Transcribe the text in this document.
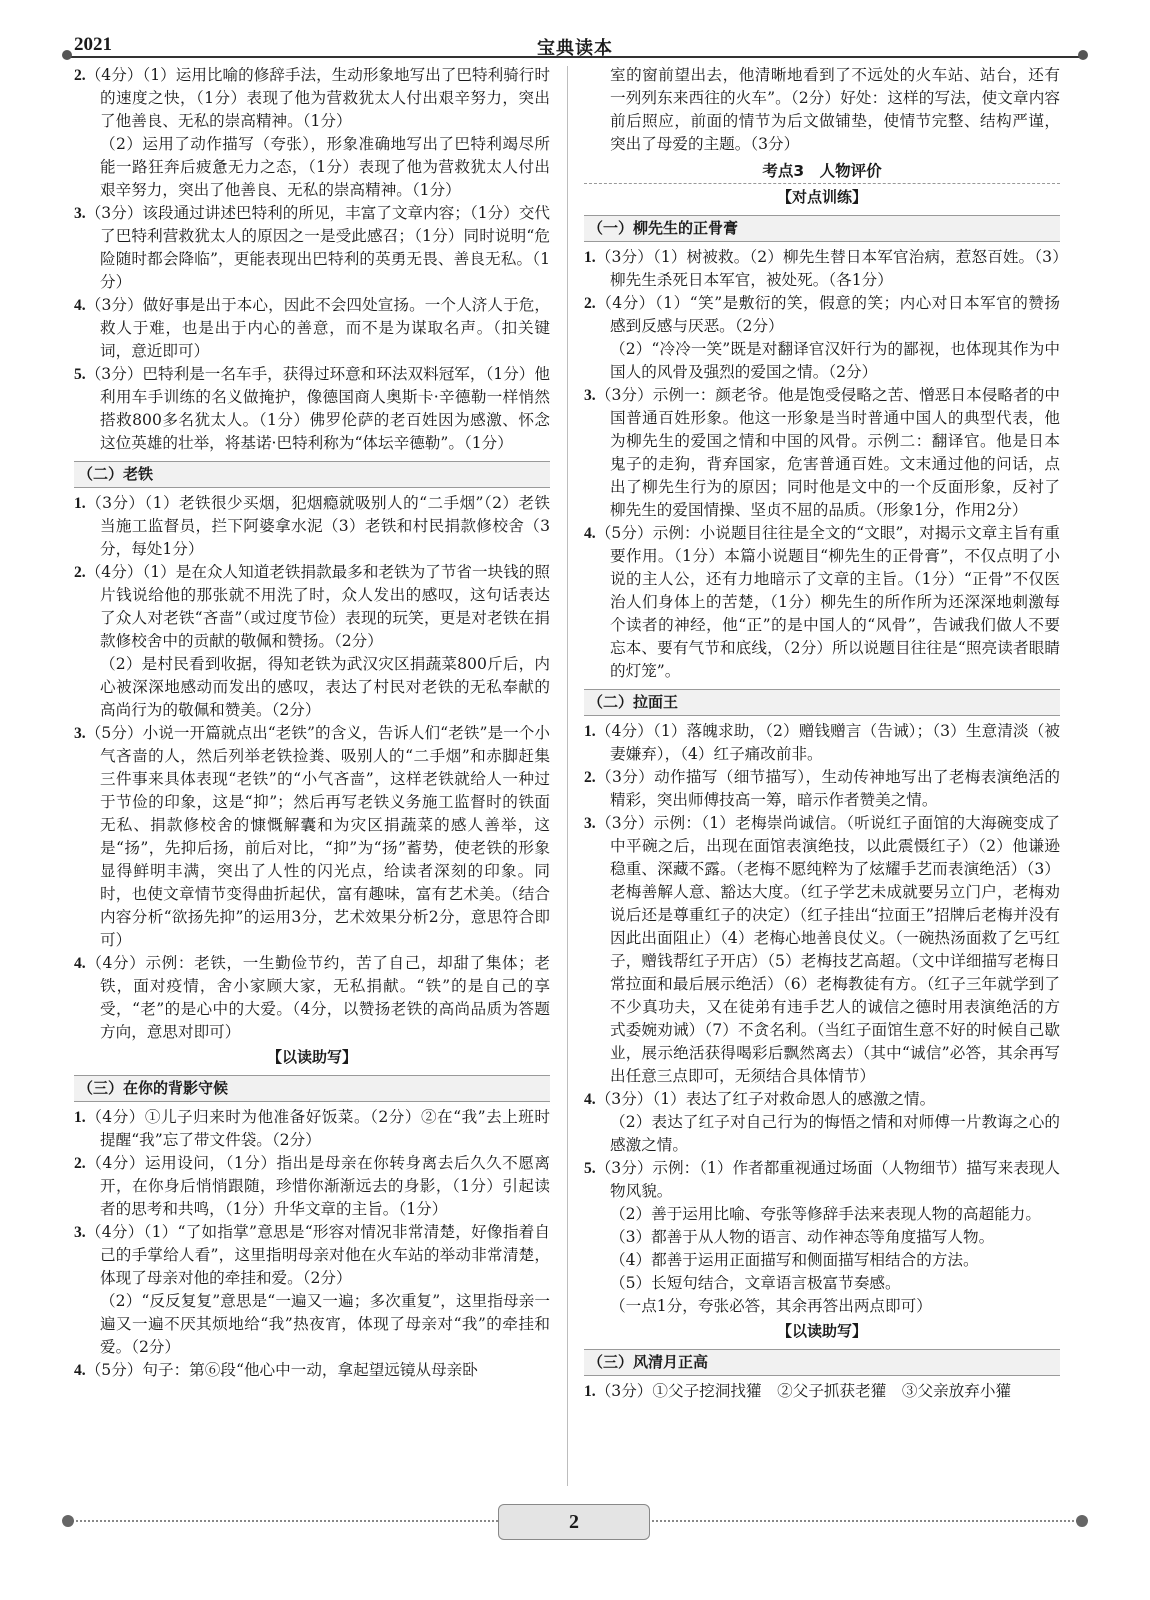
2021	宝典读本

2.（4分）（1）运用比喻的修辞手法，生动形象地写出了巴特利骑行时的速度之快，（1分）表现了他为营救犹太人付出艰辛努力，突出了他善良、无私的崇高精神。（1分）

（2）运用了动作描写（夸张），形象准确地写出了巴特利竭尽所能一路狂奔后疲惫无力之态，（1分）表现了他为营救犹太人付出艰辛努力，突出了他善良、无私的崇高精神。（1分）

3.（3分）该段通过讲述巴特利的所见，丰富了文章内容；（1分）交代了巴特利营救犹太人的原因之一是受此感召；（1分）同时说明“危险随时都会降临”，更能表现出巴特利的英勇无畏、善良无私。（1分）

4.（3分）做好事是出于本心，因此不会四处宣扬。一个人济人于危，救人于难，也是出于内心的善意，而不是为谋取名声。（扣关键词，意近即可）

5.（3分）巴特利是一名车手，获得过环意和环法双料冠军，（1分）他利用车手训练的名义做掩护，像德国商人奥斯卡·辛德勒一样悄然搭救800多名犹太人。（1分）佛罗伦萨的老百姓因为感激、怀念这位英雄的壮举，将基诺·巴特利称为“体坛辛德勒”。（1分）

（二）老铁

1.（3分）（1）老铁很少买烟，犯烟瘾就吸别人的“二手烟”（2）老铁当施工监督员，拦下阿婆拿水泥（3）老铁和村民捐款修校舍（3分，每处1分）

2.（4分）（1）是在众人知道老铁捐款最多和老铁为了节省一块钱的照片钱说给他的那张就不用洗了时，众人发出的感叹，这句话表达了众人对老铁“吝啬”（或过度节俭）表现的玩笑，更是对老铁在捐款修校舍中的贡献的敬佩和赞扬。（2分）

（2）是村民看到收据，得知老铁为武汉灾区捐蔬菜800斤后，内心被深深地感动而发出的感叹，表达了村民对老铁的无私奉献的高尚行为的敬佩和赞美。（2分）

3.（5分）小说一开篇就点出“老铁”的含义，告诉人们“老铁”是一个小气吝啬的人，然后列举老铁捡粪、吸别人的“二手烟”和赤脚赶集三件事来具体表现“老铁”的“小气吝啬”，这样老铁就给人一种过于节俭的印象，这是“抑”；然后再写老铁义务施工监督时的铁面无私、捐款修校舍的慷慨解囊和为灾区捐蔬菜的感人善举，这是“扬”，先抑后扬，前后对比，“抑”为“扬”蓄势，使老铁的形象显得鲜明丰满，突出了人性的闪光点，给读者深刻的印象。同时，也使文章情节变得曲折起伏，富有趣味，富有艺术美。（结合内容分析“欲扬先抑”的运用3分，艺术效果分析2分，意思符合即可）

4.（4分）示例：老铁，一生勤俭节约，苦了自己，却甜了集体；老铁，面对疫情，舍小家顾大家，无私捐献。“铁”的是自己的享受，“老”的是心中的大爱。（4分，以赞扬老铁的高尚品质为答题方向，意思对即可）

【以读助写】
（三）在你的背影守候

1.（4分）①儿子归来时为他准备好饭菜。（2分）②在“我”去上班时提醒“我”忘了带文件袋。（2分）

2.（4分）运用设问，（1分）指出是母亲在你转身离去后久久不愿离开，在你身后悄悄跟随，珍惜你渐渐远去的身影，（1分）引起读者的思考和共鸣，（1分）升华文章的主旨。（1分）

3.（4分）（1）“了如指掌”意思是“形容对情况非常清楚，好像指着自己的手掌给人看”，这里指明母亲对他在火车站的举动非常清楚，体现了母亲对他的牵挂和爱。（2分）

（2）“反反复复”意思是“一遍又一遍；多次重复”，这里指母亲一遍又一遍不厌其烦地给“我”热夜宵，体现了母亲对“我”的牵挂和爱。（2分）

4.（5分）句子：第⑥段“他心中一动，拿起望远镜从母亲卧

室的窗前望出去，他清晰地看到了不远处的火车站、站台，还有一列列东来西往的火车”。（2分）好处：这样的写法，使文章内容前后照应，前面的情节为后文做铺垫，使情节完整、结构严谨，突出了母爱的主题。（3分）

考点3　人物评价
【对点训练】
（一）柳先生的正骨膏

1.（3分）（1）树被救。（2）柳先生替日本军官治病，惹怒百姓。（3）柳先生杀死日本军官，被处死。（各1分）

2.（4分）（1）“笑”是敷衍的笑，假意的笑；内心对日本军官的赞扬感到反感与厌恶。（2分）

（2）“冷冷一笑”既是对翻译官汉奸行为的鄙视，也体现其作为中国人的风骨及强烈的爱国之情。（2分）

3.（3分）示例一：颜老爷。他是饱受侵略之苦、憎恶日本侵略者的中国普通百姓形象。他这一形象是当时普通中国人的典型代表，他为柳先生的爱国之情和中国的风骨。示例二：翻译官。他是日本鬼子的走狗，背弃国家，危害普通百姓。文末通过他的问话，点出了柳先生行为的原因；同时他是文中的一个反面形象，反衬了柳先生的爱国情操、坚贞不屈的品质。（形象1分，作用2分）

4.（5分）示例：小说题目往往是全文的“文眼”，对揭示文章主旨有重要作用。（1分）本篇小说题目“柳先生的正骨膏”，不仅点明了小说的主人公，还有力地暗示了文章的主旨。（1分）“正骨”不仅医治人们身体上的苦楚，（1分）柳先生的所作所为还深深地刺激每个读者的神经，他“正”的是中国人的“风骨”，告诫我们做人不要忘本、要有气节和底线，（2分）所以说题目往往是“照亮读者眼睛的灯笼”。

（二）拉面王

1.（4分）（1）落魄求助，（2）赠钱赠言（告诫）；（3）生意清淡（被妻嫌弃），（4）红子痛改前非。

2.（3分）动作描写（细节描写），生动传神地写出了老梅表演绝活的精彩，突出师傅技高一筹，暗示作者赞美之情。

3.（3分）示例：（1）老梅崇尚诚信。（听说红子面馆的大海碗变成了中平碗之后，出现在面馆表演绝技，以此震慑红子）（2）他谦逊稳重、深藏不露。（老梅不愿纯粹为了炫耀手艺而表演绝活）（3）老梅善解人意、豁达大度。（红子学艺未成就要另立门户，老梅劝说后还是尊重红子的决定）（红子挂出“拉面王”招牌后老梅并没有因此出面阻止）（4）老梅心地善良仗义。（一碗热汤面救了乞丐红子，赠钱帮红子开店）（5）老梅技艺高超。（文中详细描写老梅日常拉面和最后展示绝活）（6）老梅教徒有方。（红子三年就学到了不少真功夫，又在徒弟有违手艺人的诚信之德时用表演绝活的方式委婉劝诫）（7）不贪名利。（当红子面馆生意不好的时候自己歇业，展示绝活获得喝彩后飘然离去）（其中“诚信”必答，其余再写出任意三点即可，无须结合具体情节）

4.（3分）（1）表达了红子对救命恩人的感激之情。

（2）表达了红子对自己行为的悔悟之情和对师傅一片教诲之心的感激之情。

5.（3分）示例：（1）作者都重视通过场面（人物细节）描写来表现人物风貌。

（2）善于运用比喻、夸张等修辞手法来表现人物的高超能力。

（3）都善于从人物的语言、动作神态等角度描写人物。

（4）都善于运用正面描写和侧面描写相结合的方法。

（5）长短句结合，文章语言极富节奏感。

（一点1分，夸张必答，其余再答出两点即可）

【以读助写】
（三）风清月正高

1.（3分）①父子挖洞找獾　②父子抓获老獾　③父亲放弃小獾

2
